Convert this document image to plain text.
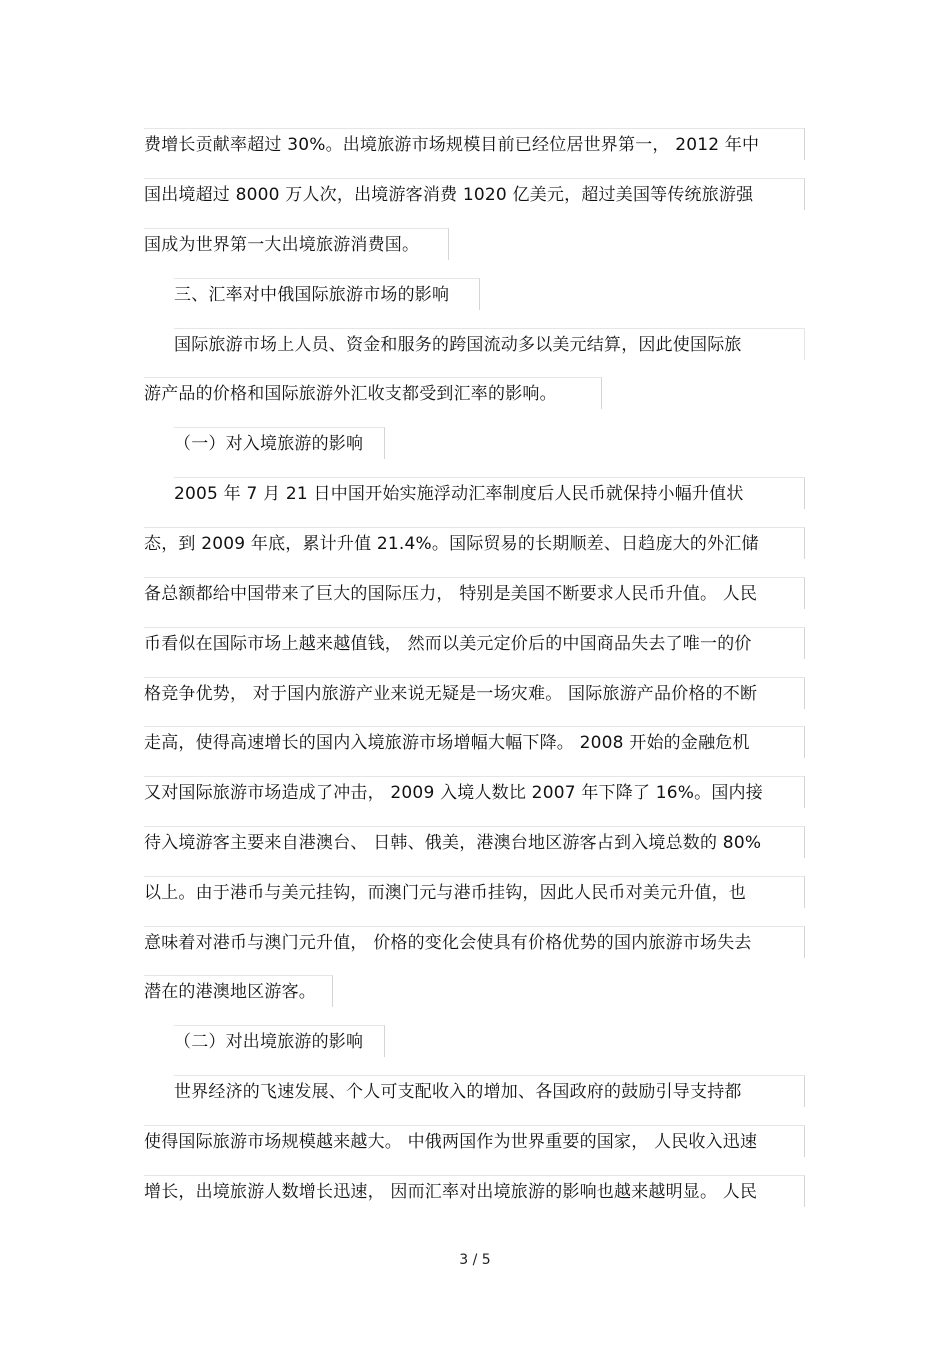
费增长贡献率超过 30%。出境旅游市场规模目前已经位居世界第一， 2012 年中
国出境超过 8000 万人次，出境游客消费 1020 亿美元，超过美国等传统旅游强
国成为世界第一大出境旅游消费国。
三、汇率对中俄国际旅游市场的影响
国际旅游市场上人员、资金和服务的跨国流动多以美元结算，因此使国际旅
游产品的价格和国际旅游外汇收支都受到汇率的影响。
（一）对入境旅游的影响
2005 年 7 月 21 日中国开始实施浮动汇率制度后人民币就保持小幅升值状
态，到 2009 年底，累计升值 21.4%。国际贸易的长期顺差、日趋庞大的外汇储
备总额都给中国带来了巨大的国际压力， 特别是美国不断要求人民币升值。 人民
币看似在国际市场上越来越值钱， 然而以美元定价后的中国商品失去了唯一的价
格竞争优势， 对于国内旅游产业来说无疑是一场灾难。 国际旅游产品价格的不断
走高，使得高速增长的国内入境旅游市场增幅大幅下降。 2008 开始的金融危机
又对国际旅游市场造成了冲击， 2009 入境人数比 2007 年下降了 16%。国内接
待入境游客主要来自港澳台、 日韩、俄美，港澳台地区游客占到入境总数的 80%
以上。由于港币与美元挂钩，而澳门元与港币挂钩，因此人民币对美元升值，也
意味着对港币与澳门元升值， 价格的变化会使具有价格优势的国内旅游市场失去
潜在的港澳地区游客。
（二）对出境旅游的影响
世界经济的飞速发展、个人可支配收入的增加、各国政府的鼓励引导支持都
使得国际旅游市场规模越来越大。 中俄两国作为世界重要的国家， 人民收入迅速
增长，出境旅游人数增长迅速， 因而汇率对出境旅游的影响也越来越明显。 人民
3 / 5
